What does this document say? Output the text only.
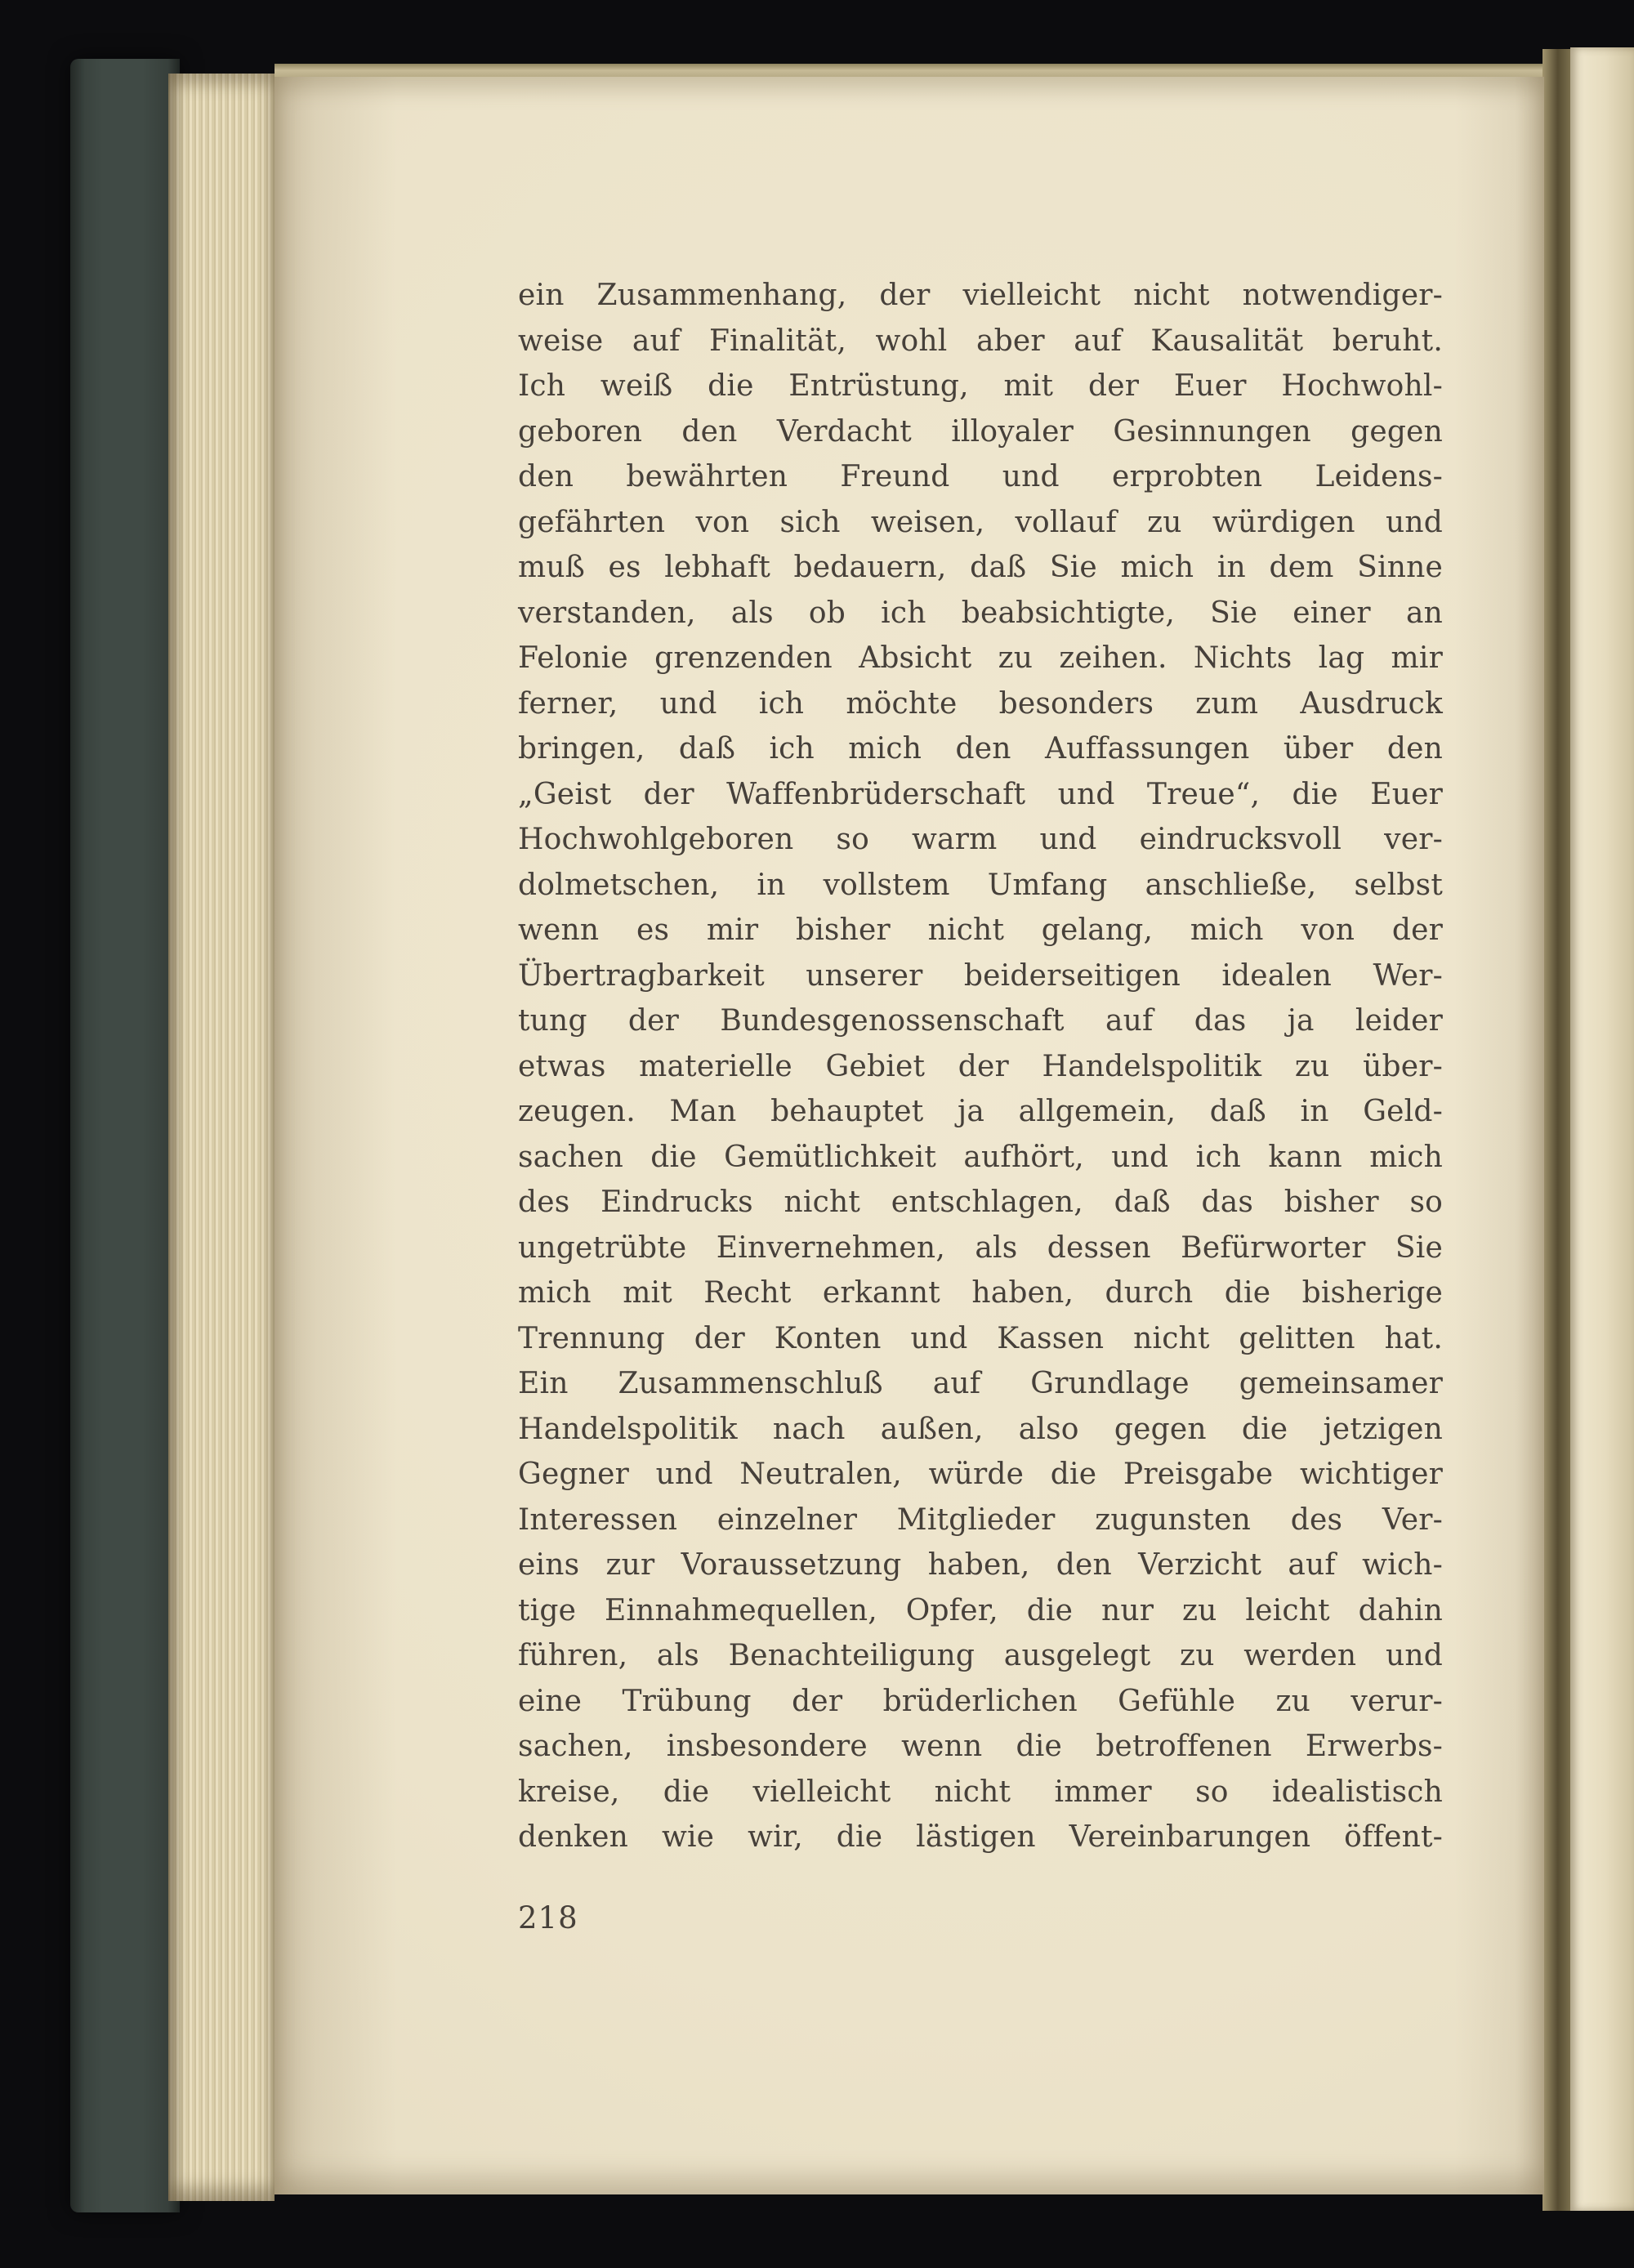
ein Zusammenhang, der vielleicht nicht notwendiger-
weise auf Finalität, wohl aber auf Kausalität beruht.
Ich weiß die Entrüstung, mit der Euer Hochwohl-
geboren den Verdacht illoyaler Gesinnungen gegen
den bewährten Freund und erprobten Leidens-
gefährten von sich weisen, vollauf zu würdigen und
muß es lebhaft bedauern, daß Sie mich in dem Sinne
verstanden, als ob ich beabsichtigte, Sie einer an
Felonie grenzenden Absicht zu zeihen. Nichts lag mir
ferner, und ich möchte besonders zum Ausdruck
bringen, daß ich mich den Auffassungen über den
„Geist der Waffenbrüderschaft und Treue“, die Euer
Hochwohlgeboren so warm und eindrucksvoll ver-
dolmetschen, in vollstem Umfang anschließe, selbst
wenn es mir bisher nicht gelang, mich von der
Übertragbarkeit unserer beiderseitigen idealen Wer-
tung der Bundesgenossenschaft auf das ja leider
etwas materielle Gebiet der Handelspolitik zu über-
zeugen. Man behauptet ja allgemein, daß in Geld-
sachen die Gemütlichkeit aufhört, und ich kann mich
des Eindrucks nicht entschlagen, daß das bisher so
ungetrübte Einvernehmen, als dessen Befürworter Sie
mich mit Recht erkannt haben, durch die bisherige
Trennung der Konten und Kassen nicht gelitten hat.
Ein Zusammenschluß auf Grundlage gemeinsamer
Handelspolitik nach außen, also gegen die jetzigen
Gegner und Neutralen, würde die Preisgabe wichtiger
Interessen einzelner Mitglieder zugunsten des Ver-
eins zur Voraussetzung haben, den Verzicht auf wich-
tige Einnahmequellen, Opfer, die nur zu leicht dahin
führen, als Benachteiligung ausgelegt zu werden und
eine Trübung der brüderlichen Gefühle zu verur-
sachen, insbesondere wenn die betroffenen Erwerbs-
kreise, die vielleicht nicht immer so idealistisch
denken wie wir, die lästigen Vereinbarungen öffent-
218
